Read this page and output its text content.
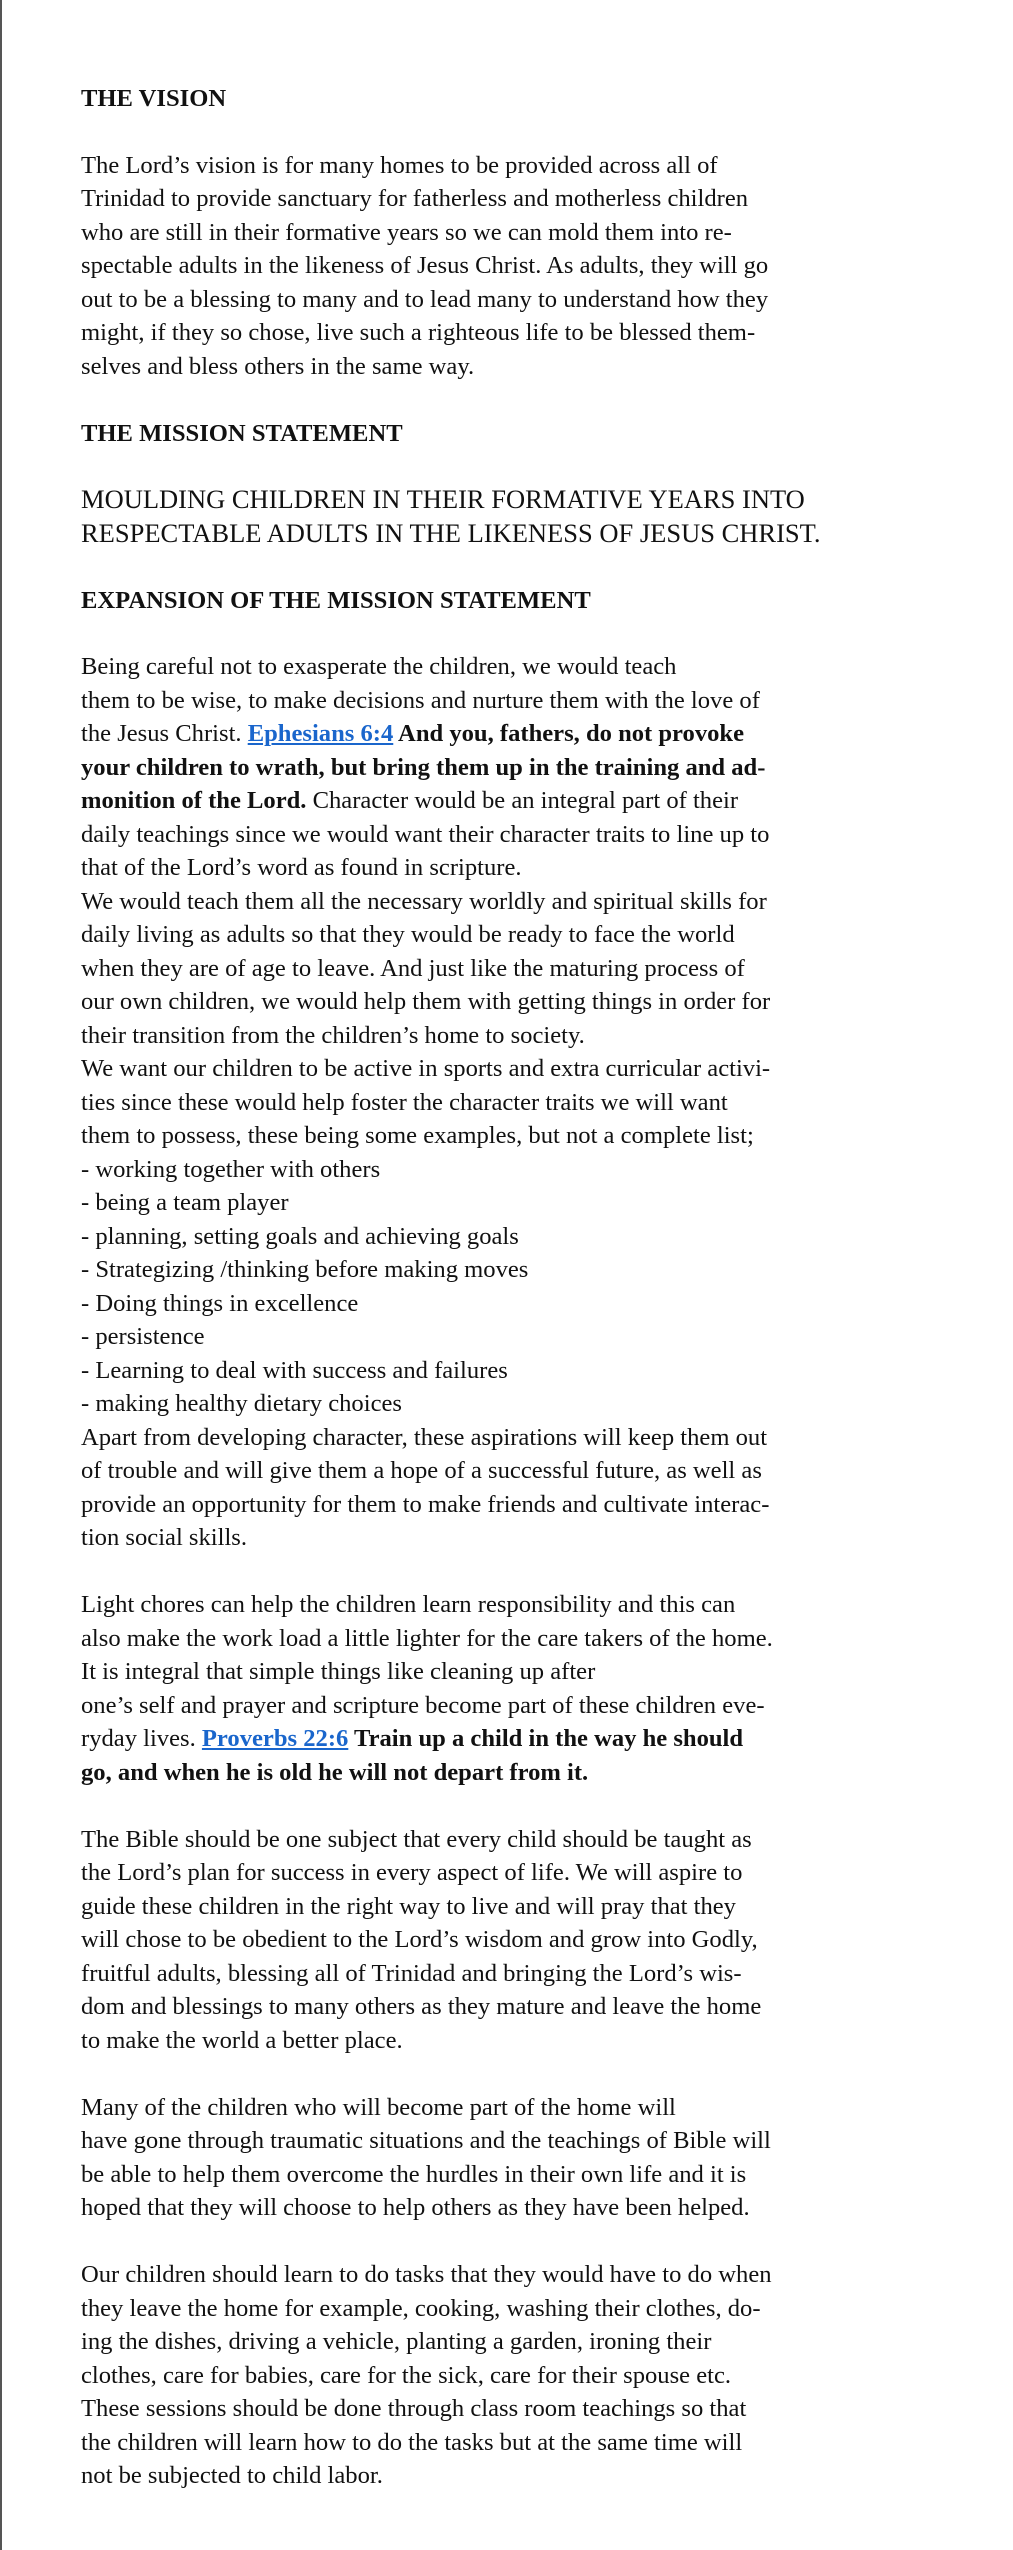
THE VISION
The Lord’s vision is for many homes to be provided across all of
Trinidad to provide sanctuary for fatherless and motherless children
who are still in their formative years so we can mold them into re-
spectable adults in the likeness of Jesus Christ. As adults, they will go
out to be a blessing to many and to lead many to understand how they
might, if they so chose, live such a righteous life to be blessed them-
selves and bless others in the same way.
THE MISSION STATEMENT
MOULDING CHILDREN IN THEIR FORMATIVE YEARS INTO
RESPECTABLE ADULTS IN THE LIKENESS OF JESUS CHRIST.
EXPANSION OF THE MISSION STATEMENT
Being careful not to exasperate the children, we would teach
them to be wise, to make decisions and nurture them with the love of
the Jesus Christ. Ephesians 6:4 And you, fathers, do not provoke
your children to wrath, but bring them up in the training and ad-
monition of the Lord. Character would be an integral part of their
daily teachings since we would want their character traits to line up to
that of the Lord’s word as found in scripture.
We would teach them all the necessary worldly and spiritual skills for
daily living as adults so that they would be ready to face the world
when they are of age to leave. And just like the maturing process of
our own children, we would help them with getting things in order for
their transition from the children’s home to society.
We want our children to be active in sports and extra curricular activi-
ties since these would help foster the character traits we will want
them to possess, these being some examples, but not a complete list;
- working together with others
- being a team player
- planning, setting goals and achieving goals
- Strategizing /thinking before making moves
- Doing things in excellence
- persistence
- Learning to deal with success and failures
- making healthy dietary choices
Apart from developing character, these aspirations will keep them out
of trouble and will give them a hope of a successful future, as well as
provide an opportunity for them to make friends and cultivate interac-
tion social skills.
Light chores can help the children learn responsibility and this can
also make the work load a little lighter for the care takers of the home.
It is integral that simple things like cleaning up after
one’s self and prayer and scripture become part of these children eve-
ryday lives. Proverbs 22:6 Train up a child in the way he should
go, and when he is old he will not depart from it.
The Bible should be one subject that every child should be taught as
the Lord’s plan for success in every aspect of life. We will aspire to
guide these children in the right way to live and will pray that they
will chose to be obedient to the Lord’s wisdom and grow into Godly,
fruitful adults, blessing all of Trinidad and bringing the Lord’s wis-
dom and blessings to many others as they mature and leave the home
to make the world a better place.
Many of the children who will become part of the home will
have gone through traumatic situations and the teachings of Bible will
be able to help them overcome the hurdles in their own life and it is
hoped that they will choose to help others as they have been helped.
Our children should learn to do tasks that they would have to do when
they leave the home for example, cooking, washing their clothes, do-
ing the dishes, driving a vehicle, planting a garden, ironing their
clothes, care for babies, care for the sick, care for their spouse etc.
These sessions should be done through class room teachings so that
the children will learn how to do the tasks but at the same time will
not be subjected to child labor.
